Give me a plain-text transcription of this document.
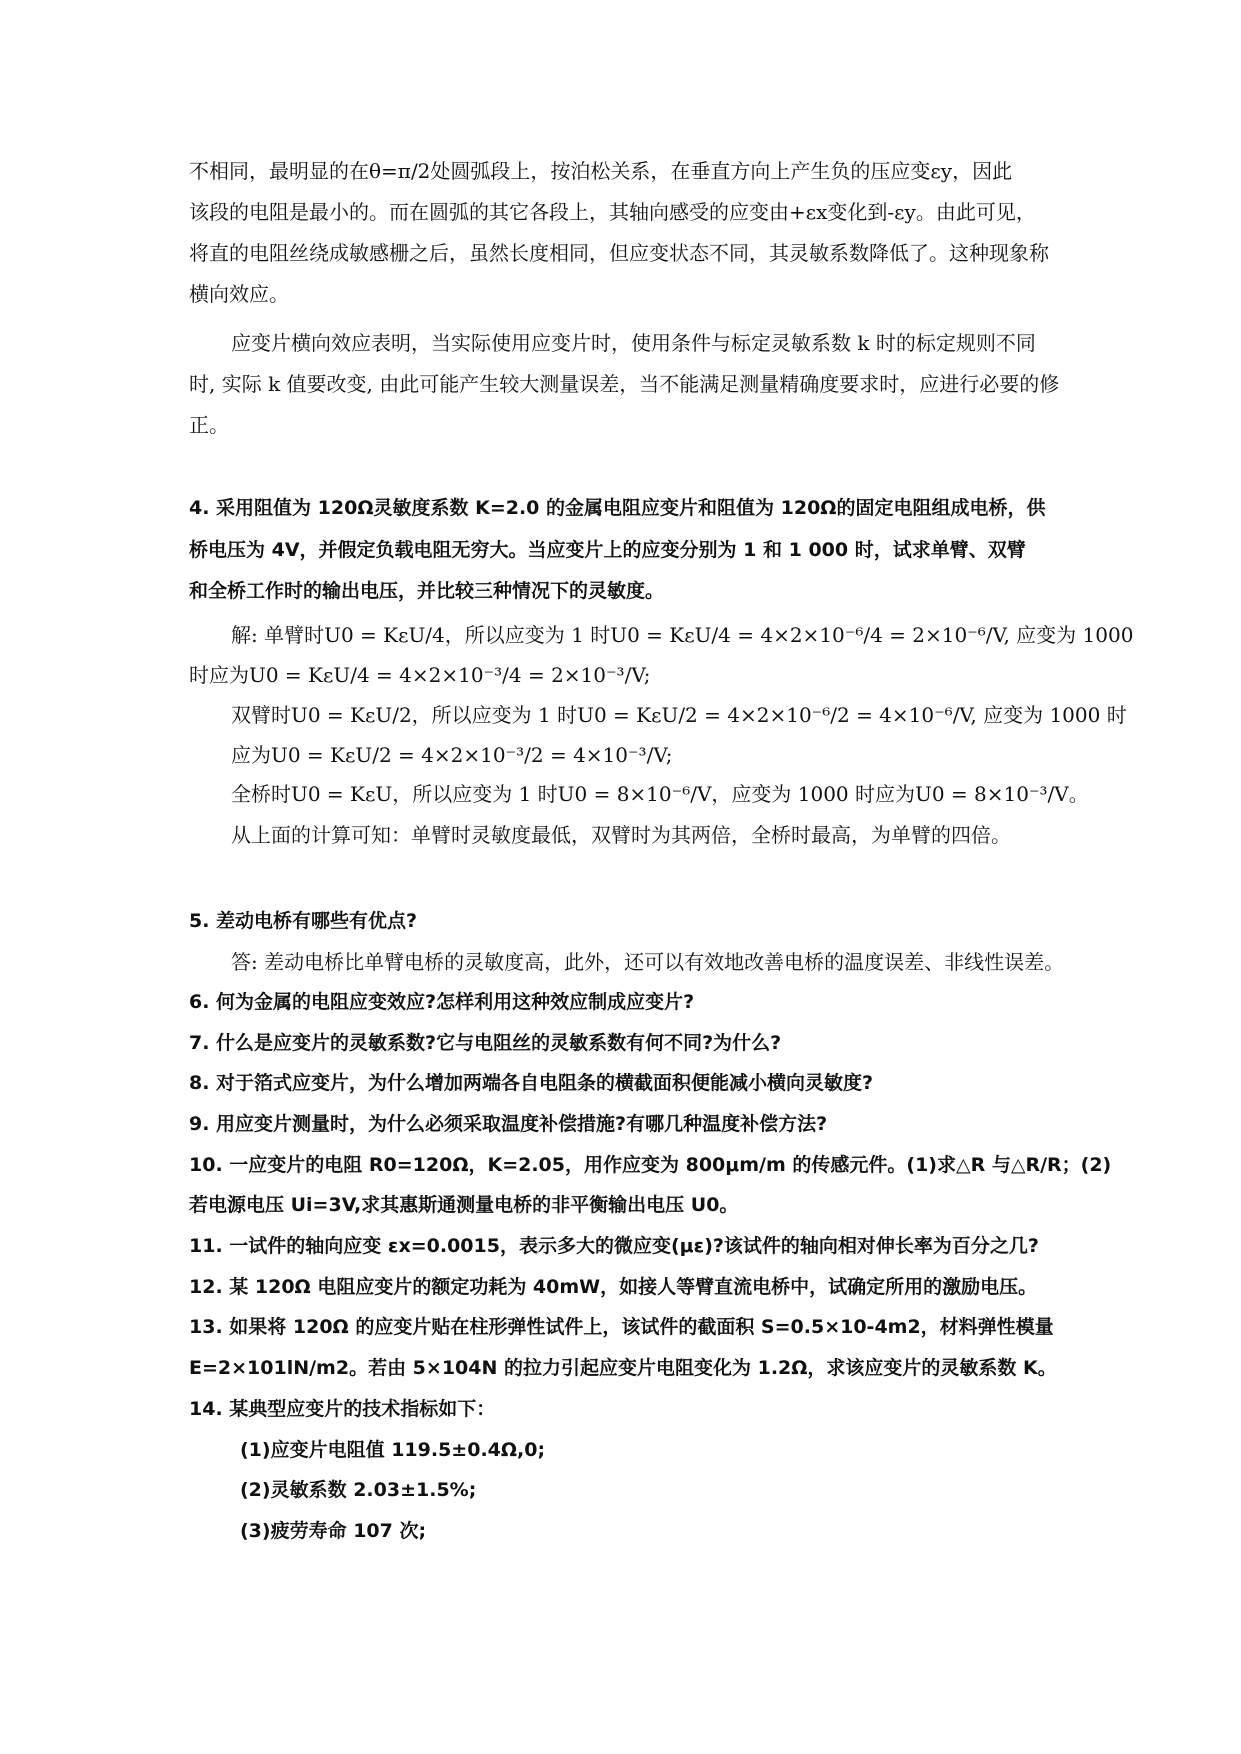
不相同，最明显的在θ=π/2处圆弧段上，按泊松关系，在垂直方向上产生负的压应变εy，因此
该段的电阻是最小的。而在圆弧的其它各段上，其轴向感受的应变由+εx变化到-εy。由此可见，
将直的电阻丝绕成敏感栅之后，虽然长度相同，但应变状态不同，其灵敏系数降低了。这种现象称
横向效应。
应变片横向效应表明，当实际使用应变片时，使用条件与标定灵敏系数 k 时的标定规则不同
时, 实际 k 值要改变, 由此可能产生较大测量误差，当不能满足测量精确度要求时，应进行必要的修
正。
4. 采用阻值为 120Ω灵敏度系数 K=2.0 的金属电阻应变片和阻值为 120Ω的固定电阻组成电桥，供
桥电压为 4V，并假定负载电阻无穷大。当应变片上的应变分别为 1 和 1 000 时，试求单臂、双臂
和全桥工作时的输出电压，并比较三种情况下的灵敏度。
解: 单臂时U0 = KεU/4，所以应变为 1 时U0 = KεU/4 = 4×2×10⁻⁶/4 = 2×10⁻⁶/V, 应变为 1000
时应为U0 = KεU/4 = 4×2×10⁻³/4 = 2×10⁻³/V;
双臂时U0 = KεU/2，所以应变为 1 时U0 = KεU/2 = 4×2×10⁻⁶/2 = 4×10⁻⁶/V, 应变为 1000 时
应为U0 = KεU/2 = 4×2×10⁻³/2 = 4×10⁻³/V;
全桥时U0 = KεU，所以应变为 1 时U0 = 8×10⁻⁶/V，应变为 1000 时应为U0 = 8×10⁻³/V。
从上面的计算可知：单臂时灵敏度最低，双臂时为其两倍，全桥时最高，为单臂的四倍。
5. 差动电桥有哪些有优点?
答: 差动电桥比单臂电桥的灵敏度高，此外，还可以有效地改善电桥的温度误差、非线性误差。
6. 何为金属的电阻应变效应?怎样利用这种效应制成应变片?
7. 什么是应变片的灵敏系数?它与电阻丝的灵敏系数有何不同?为什么?
8. 对于箔式应变片，为什么增加两端各自电阻条的横截面积便能减小横向灵敏度?
9. 用应变片测量时，为什么必须采取温度补偿措施?有哪几种温度补偿方法?
10. 一应变片的电阻 R0=120Ω，K=2.05，用作应变为 800μm/m 的传感元件。(1)求△R 与△R/R；(2)
若电源电压 Ui=3V,求其惠斯通测量电桥的非平衡输出电压 U0。
11. 一试件的轴向应变 εx=0.0015，表示多大的微应变(με)?该试件的轴向相对伸长率为百分之几?
12. 某 120Ω 电阻应变片的额定功耗为 40mW，如接人等臂直流电桥中，试确定所用的激励电压。
13. 如果将 120Ω 的应变片贴在柱形弹性试件上，该试件的截面积 S=0.5×10-4m2，材料弹性模量
E=2×101lN/m2。若由 5×104N 的拉力引起应变片电阻变化为 1.2Ω，求该应变片的灵敏系数 K。
14. 某典型应变片的技术指标如下：
(1)应变片电阻值 119.5±0.4Ω,0;
(2)灵敏系数 2.03±1.5%;
(3)疲劳寿命 107 次;
